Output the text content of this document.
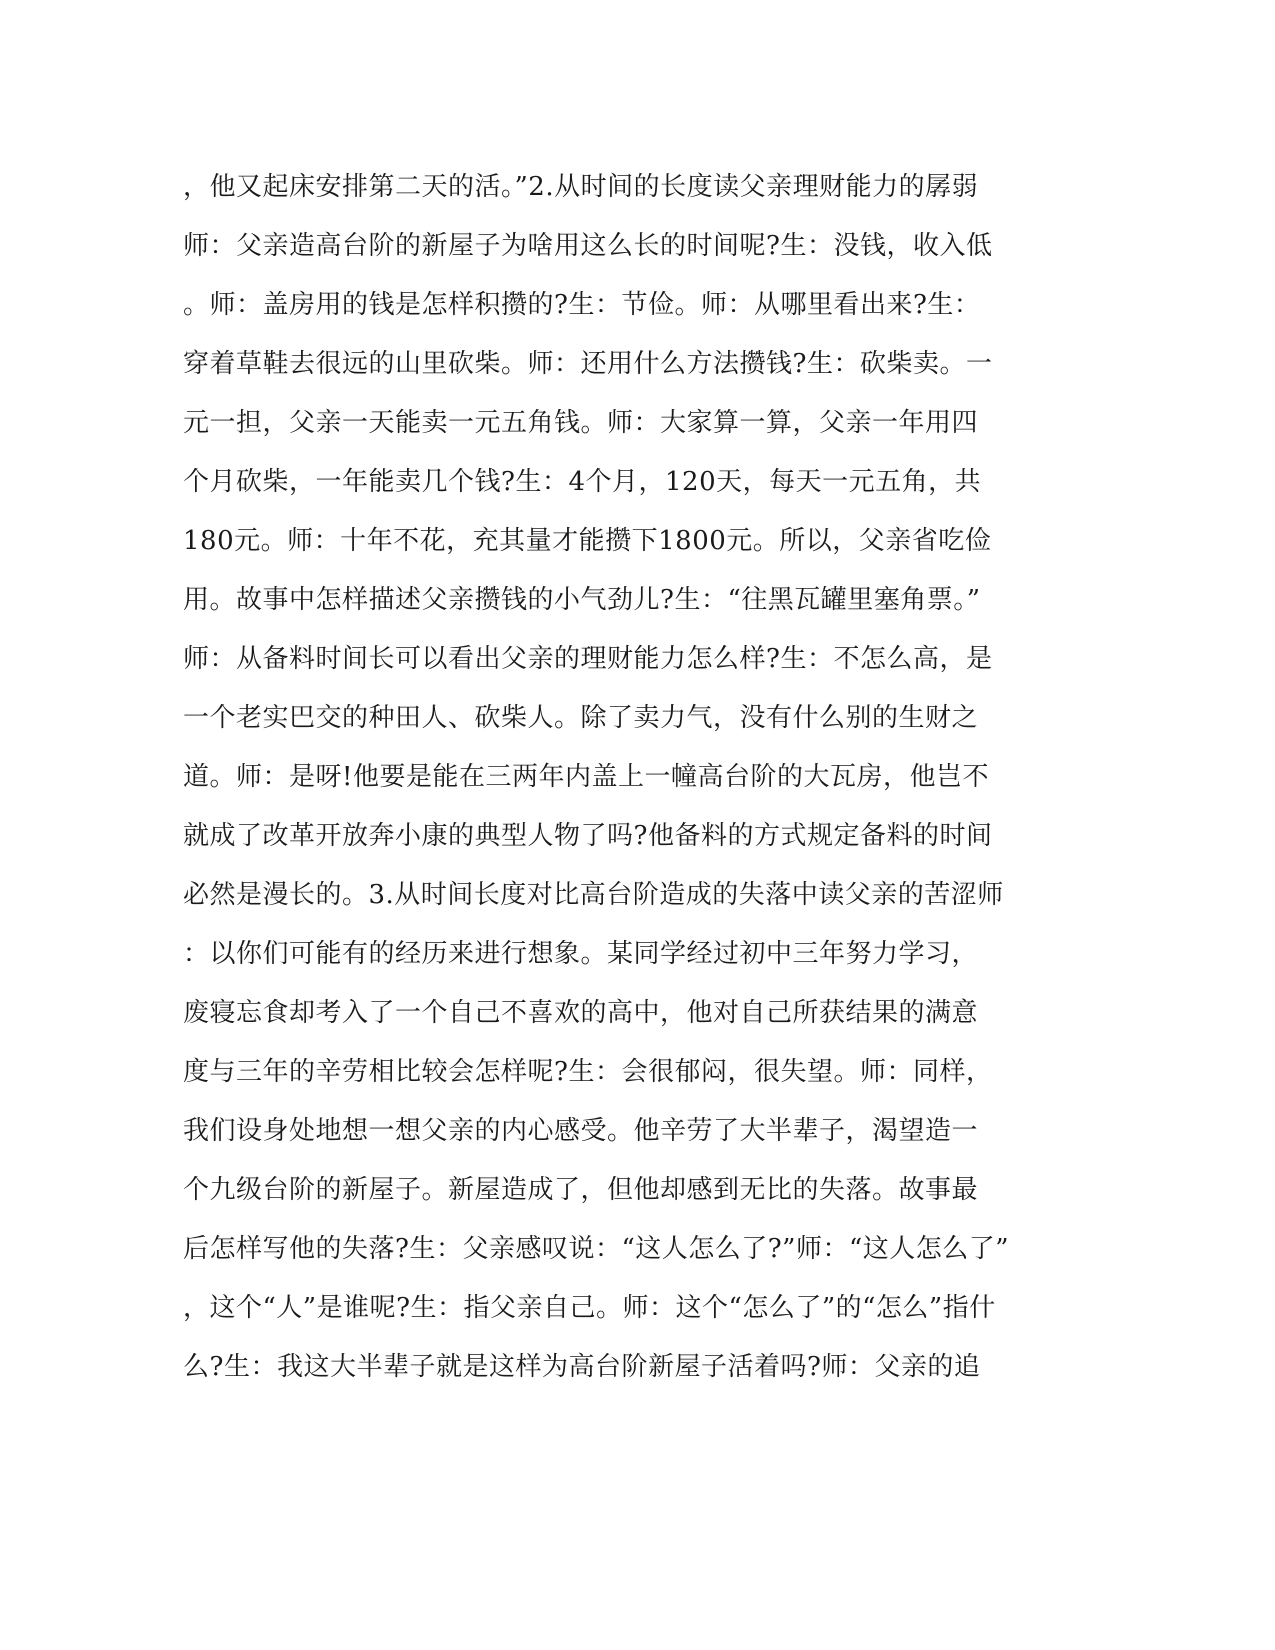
，他又起床安排第二天的活。”2.从时间的长度读父亲理财能力的孱弱
师：父亲造高台阶的新屋子为啥用这么长的时间呢?生：没钱，收入低
。师：盖房用的钱是怎样积攒的?生：节俭。师：从哪里看出来?生：
穿着草鞋去很远的山里砍柴。师：还用什么方法攒钱?生：砍柴卖。一
元一担，父亲一天能卖一元五角钱。师：大家算一算，父亲一年用四
个月砍柴，一年能卖几个钱?生：4个月，120天，每天一元五角，共
180元。师：十年不花，充其量才能攒下1800元。所以，父亲省吃俭
用。故事中怎样描述父亲攒钱的小气劲儿?生：“往黑瓦罐里塞角票。”
师：从备料时间长可以看出父亲的理财能力怎么样?生：不怎么高，是
一个老实巴交的种田人、砍柴人。除了卖力气，没有什么别的生财之
道。师：是呀!他要是能在三两年内盖上一幢高台阶的大瓦房，他岂不
就成了改革开放奔小康的典型人物了吗?他备料的方式规定备料的时间
必然是漫长的。3.从时间长度对比高台阶造成的失落中读父亲的苦涩师
：以你们可能有的经历来进行想象。某同学经过初中三年努力学习，
废寝忘食却考入了一个自己不喜欢的高中，他对自己所获结果的满意
度与三年的辛劳相比较会怎样呢?生：会很郁闷，很失望。师：同样，
我们设身处地想一想父亲的内心感受。他辛劳了大半辈子，渴望造一
个九级台阶的新屋子。新屋造成了，但他却感到无比的失落。故事最
后怎样写他的失落?生：父亲感叹说：“这人怎么了?”师：“这人怎么了”
，这个“人”是谁呢?生：指父亲自己。师：这个“怎么了”的“怎么”指什
么?生：我这大半辈子就是这样为高台阶新屋子活着吗?师：父亲的追
